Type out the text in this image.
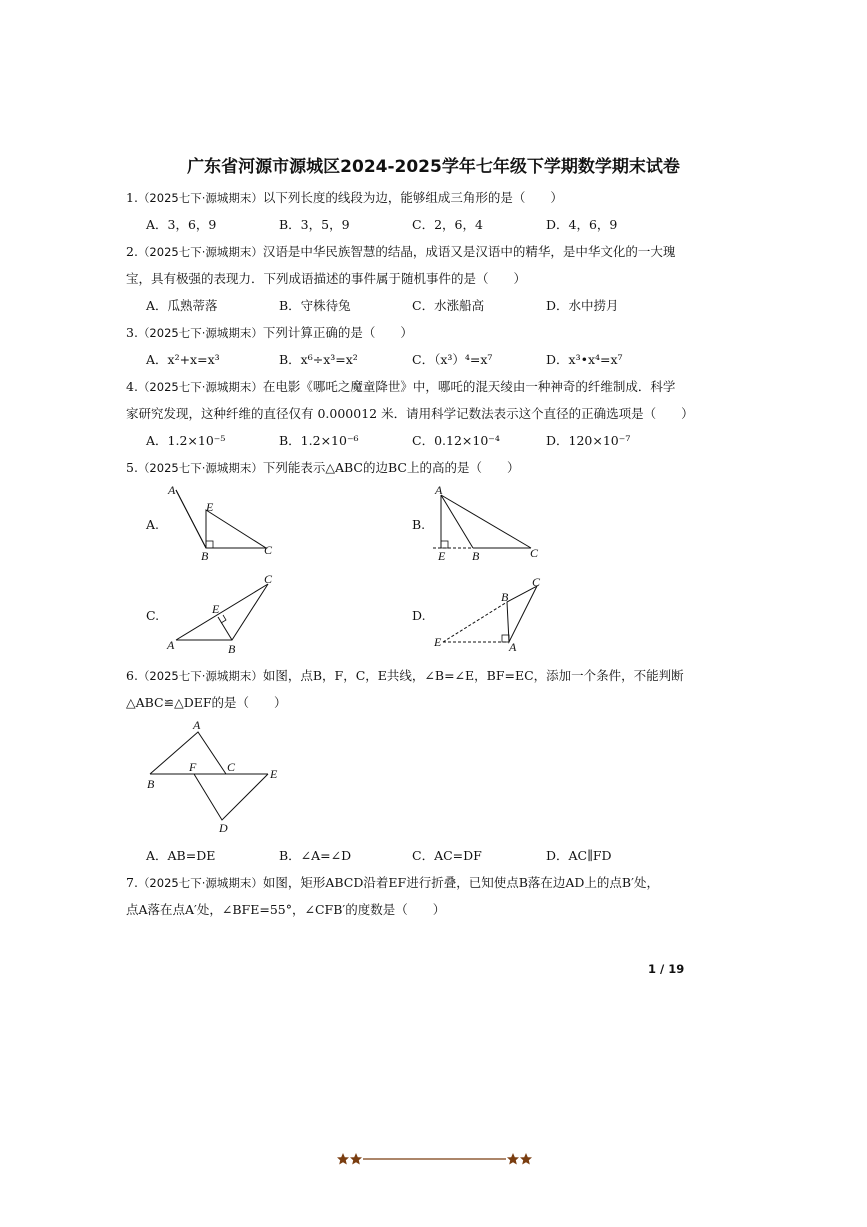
广东省河源市源城区2024-2025学年七年级下学期数学期末试卷
1.（2025七下·源城期末）以下列长度的线段为边，能够组成三角形的是（　　）
A．3，6，9	B．3，5，9	C．2，6，4	D．4，6，9
2.（2025七下·源城期末）汉语是中华民族智慧的结晶，成语又是汉语中的精华，是中华文化的一大瑰
宝，具有极强的表现力．下列成语描述的事件属于随机事件的是（　　）
A．瓜熟蒂落	B．守株待兔	C．水涨船高	D．水中捞月
3.（2025七下·源城期末）下列计算正确的是（　　）
A．x²+x=x³	B．x⁶÷x³=x²	C．（x³）⁴=x⁷	D．x³•x⁴=x⁷
4.（2025七下·源城期末）在电影《哪吒之魔童降世》中，哪吒的混天绫由一种神奇的纤维制成．科学
家研究发现，这种纤维的直径仅有 0.000012 米．请用科学记数法表示这个直径的正确选项是（　　）
A．1.2×10⁻⁵	B．1.2×10⁻⁶	C．0.12×10⁻⁴	D．120×10⁻⁷
5.（2025七下·源城期末）下列能表示△ABC的边BC上的高的是（　　）
A.
A
E
B	C
B.
A
E B	C
C.
A
E
B
C
D.
B
C
E	A
6.（2025七下·源城期末）如图，点B，F，C，E共线，∠B=∠E，BF=EC，添加一个条件，不能判断
△ABC≌△DEF的是（　　）
A
B
F	C	E
D
A．AB=DE	B．∠A=∠D	C．AC=DF	D．AC∥FD
7.（2025七下·源城期末）如图，矩形ABCD沿着EF进行折叠，已知使点B落在边AD上的点B′处，
点A落在点A′处，∠BFE=55°，∠CFB′的度数是（　　）
1 / 19
